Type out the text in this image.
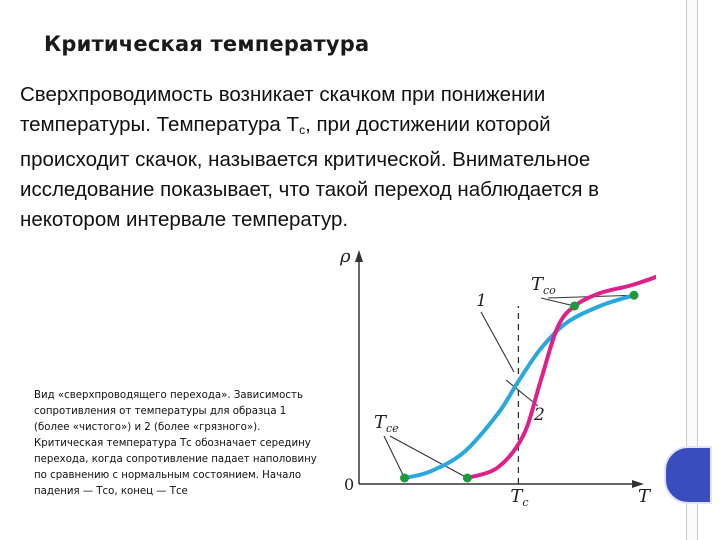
Критическая температура
Сверхпроводимость возникает скачком при понижении температуры. Температура $Т_с$, при достижении которой происходит скачок, называется критической. Внимательное исследование показывает, что такой переход наблюдается в некотором интервале температур.
Вид «сверхпроводящего перехода». Зависимость сопротивления от температуры для образца 1 (более «чистого») и 2 (более «грязного»). Критическая температура Тс обозначает середину перехода, когда сопротивление падает наполовину по сравнению с нормальным состоянием. Начало падения — Тсо, конец — Тсе
ρ
T
0
$T_c$
$T_{co}$
$T_{ce}$
1
2
